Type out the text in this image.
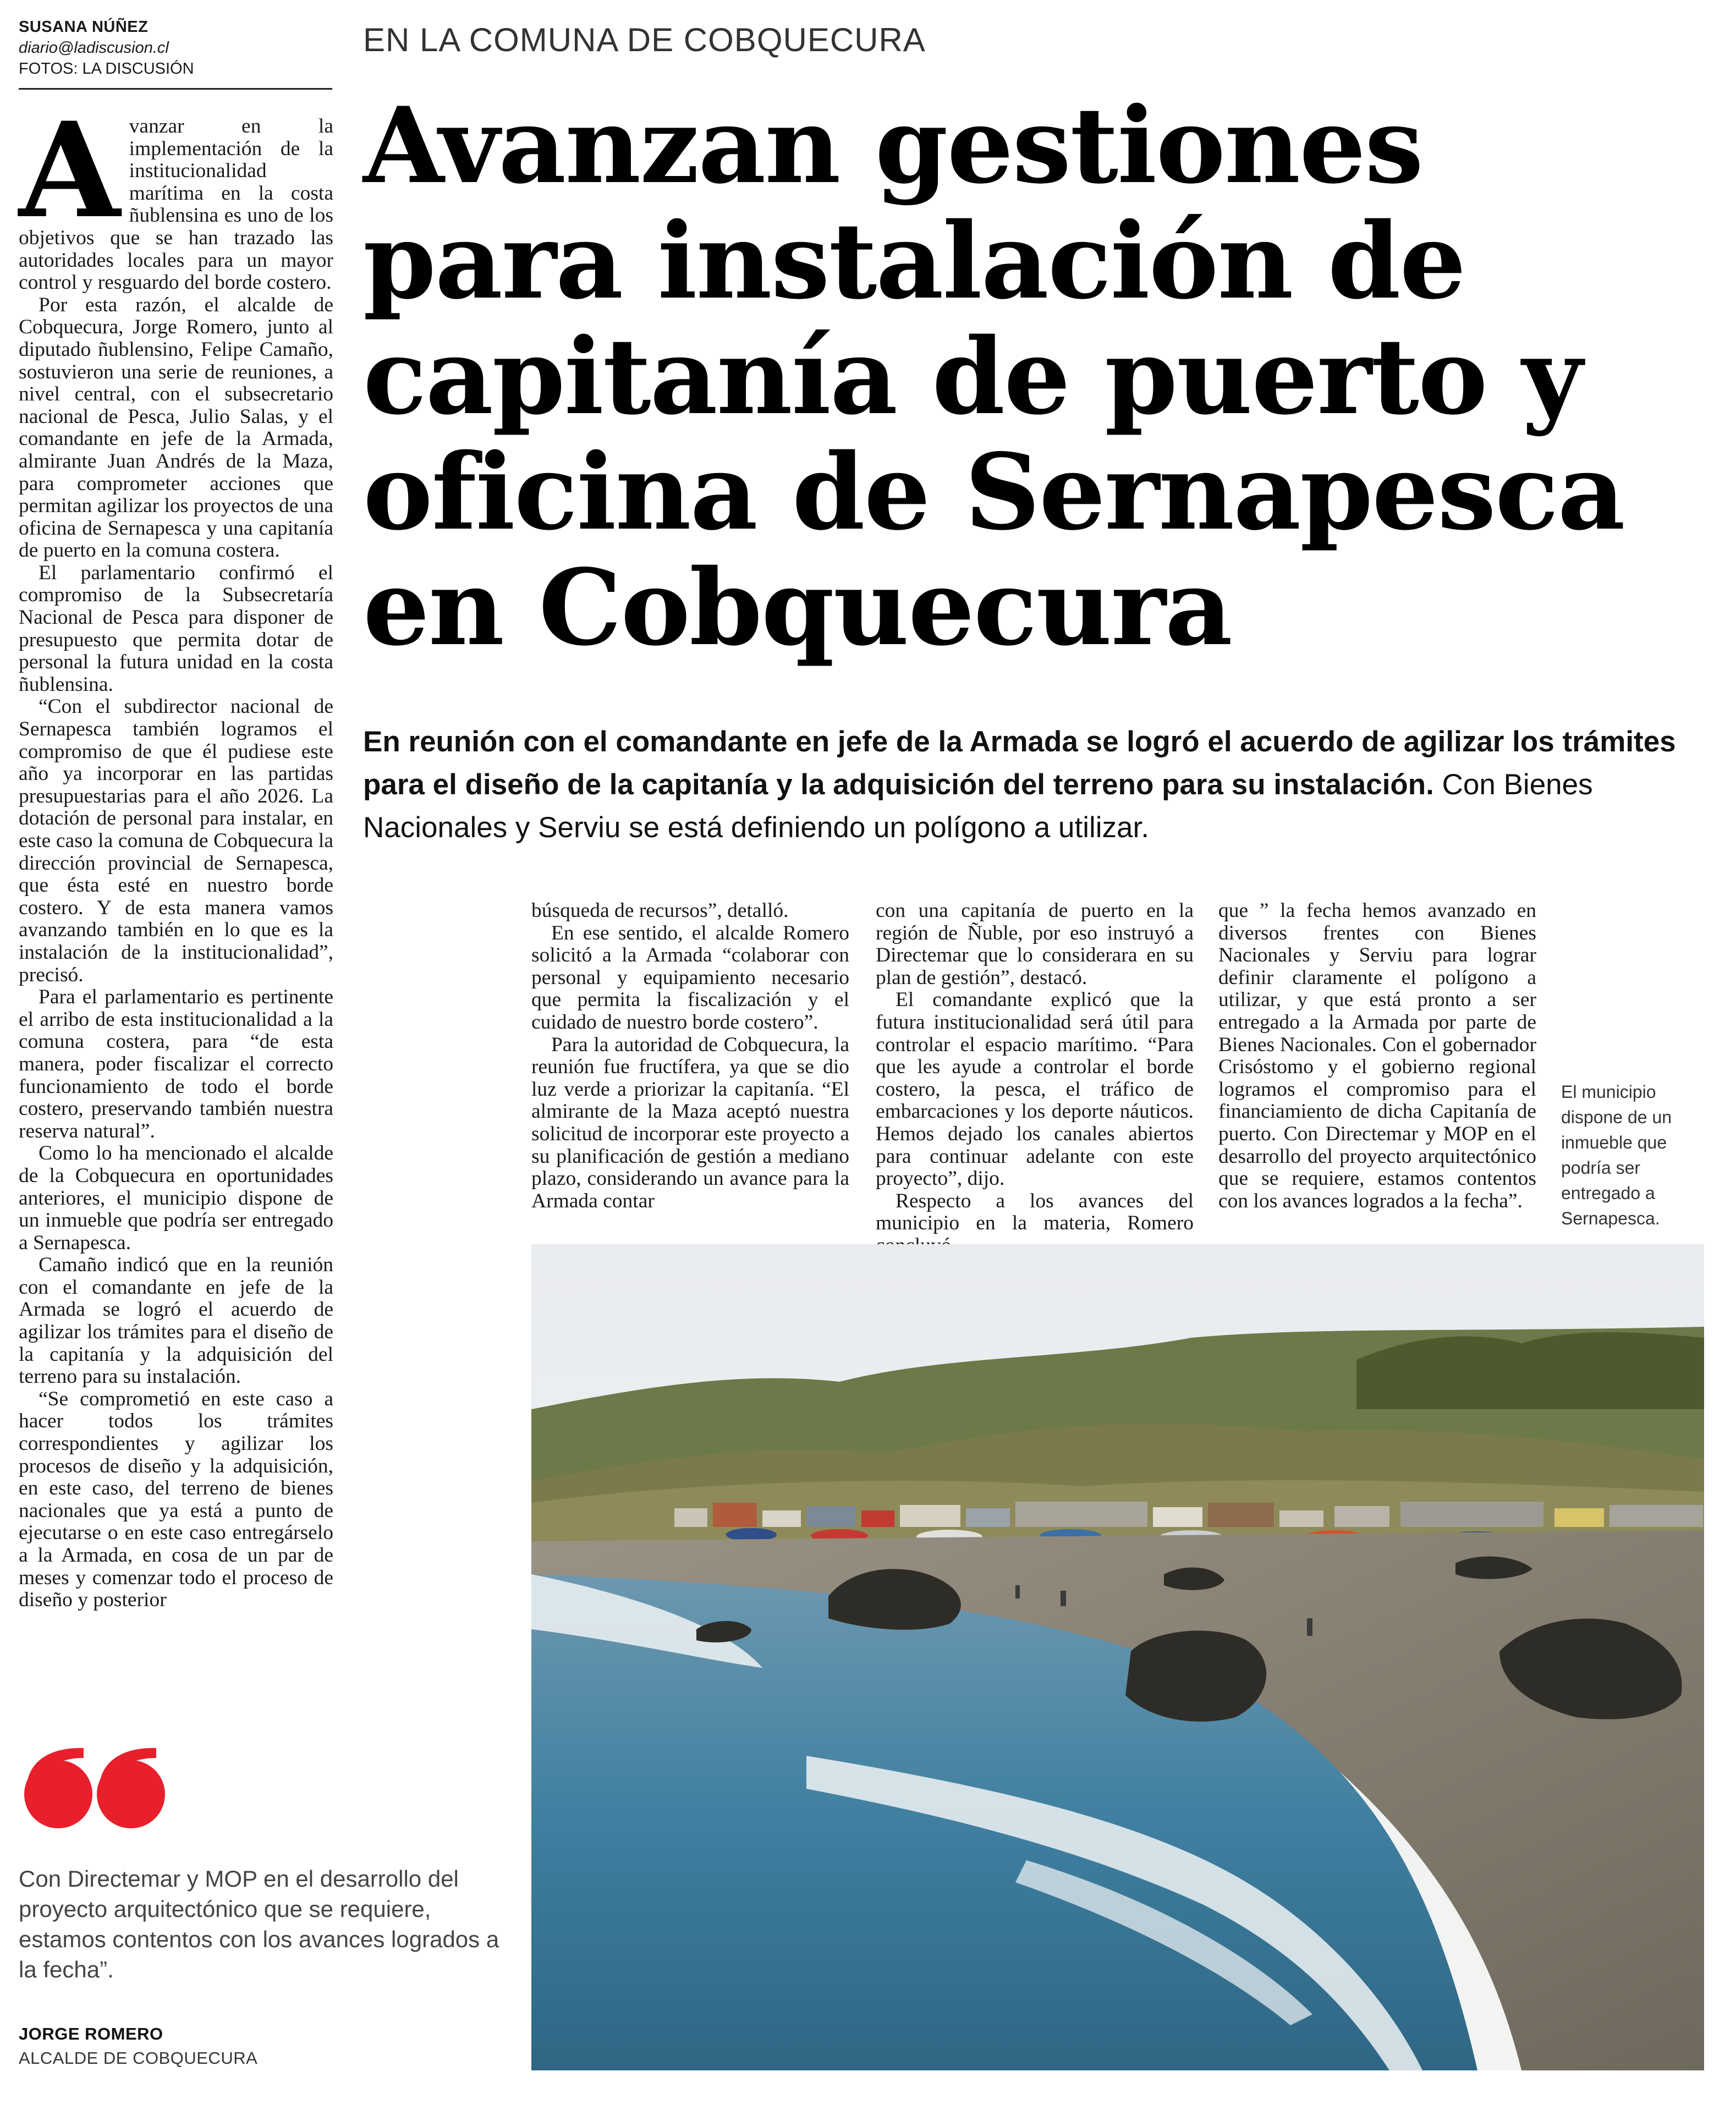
SUSANA NÚÑEZ
diario@ladiscusion.cl
FOTOS: LA DISCUSIÓN
EN LA COMUNA DE COBQUECURA
Avanzan gestiones
para instalación de
capitanía de puerto y
oficina de Sernapesca
en Cobquecura
En reunión con el comandante en jefe de la Armada se logró el acuerdo de agilizar los trámites para el diseño de la capitanía y la adquisición del terreno para su instalación. Con Bienes Nacionales y Serviu se está definiendo un polígono a utilizar.

Avanzar en la implementación de la institucionalidad marítima en la costa ñublensina es uno de los objetivos que se han trazado las autoridades locales para un mayor control y resguardo del borde costero.

Por esta razón, el alcalde de Cobquecura, Jorge Romero, junto al diputado ñublensino, Felipe Camaño, sostuvieron una serie de reuniones, a nivel central, con el subsecretario nacional de Pesca, Julio Salas, y el comandante en jefe de la Armada, almirante Juan Andrés de la Maza, para comprometer acciones que permitan agilizar los proyectos de una oficina de Sernapesca y una capitanía de puerto en la comuna costera.

El parlamentario confirmó el compromiso de la Subsecretaría Nacional de Pesca para disponer de presupuesto que permita dotar de personal la futura unidad en la costa ñublensina.

“Con el subdirector nacional de Sernapesca también logramos el compromiso de que él pudiese este año ya incorporar en las partidas presupuestarias para el año 2026. La dotación de personal para instalar, en este caso la comuna de Cobquecura la dirección provincial de Sernapesca, que ésta esté en nuestro borde costero. Y de esta manera vamos avanzando también en lo que es la instalación de la institucionalidad”, precisó.

Para el parlamentario es pertinente el arribo de esta institucionalidad a la comuna costera, para “de esta manera, poder fiscalizar el correcto funcionamiento de todo el borde costero, preservando también nuestra reserva natural”.

Como lo ha mencionado el alcalde de la Cobquecura en oportunidades anteriores, el municipio dispone de un inmueble que podría ser entregado a Sernapesca.

Camaño indicó que en la reunión con el comandante en jefe de la Armada se logró el acuerdo de agilizar los trámites para el diseño de la capitanía y la adquisición del terreno para su instalación.

“Se comprometió en este caso a hacer todos los trámites correspondientes y agilizar los procesos de diseño y la adquisición, en este caso, del terreno de bienes nacionales que ya está a punto de ejecutarse o en este caso entregárselo a la Armada, en cosa de un par de meses y comenzar todo el proceso de diseño y posterior

búsqueda de recursos”, detalló.

En ese sentido, el alcalde Romero solicitó a la Armada “colaborar con personal y equipamiento necesario que permita la fiscalización y el cuidado de nuestro borde costero”.

Para la autoridad de Cobquecura, la reunión fue fructífera, ya que se dio luz verde a priorizar la capitanía. “El almirante de la Maza aceptó nuestra solicitud de incorporar este proyecto a su planificación de gestión a mediano plazo, considerando un avance para la Armada contar

con una capitanía de puerto en la región de Ñuble, por eso instruyó a Directemar que lo considerara en su plan de gestión”, destacó.

El comandante explicó que la futura institucionalidad será útil para controlar el espacio marítimo. “Para que les ayude a controlar el borde costero, la pesca, el tráfico de embarcaciones y los deporte náuticos. Hemos dejado los canales abiertos para continuar adelante con este proyecto”, dijo.

Respecto a los avances del municipio en la materia, Romero

que ” la fecha hemos avanzado en diversos frentes con Bienes Nacionales y Serviu para lograr definir claramente el polígono a utilizar, y que está pronto a ser entregado a la Armada por parte de Bienes Nacionales. Con el gobernador Crisóstomo y el gobierno regional logramos el compromiso para el financiamiento de dicha Capitanía de puerto. Con Directemar y MOP en el desarrollo del proyecto arquitectónico que se requiere, estamos contentos con los avances logrados a la fecha”.

El municipio dispone de un inmueble que podría ser entregado a Sernapesca.
Con Directemar y MOP en el desarrollo del proyecto arquitectónico que se requiere, estamos contentos con los avances logrados a la fecha”.
JORGE ROMERO
ALCALDE DE COBQUECURA
